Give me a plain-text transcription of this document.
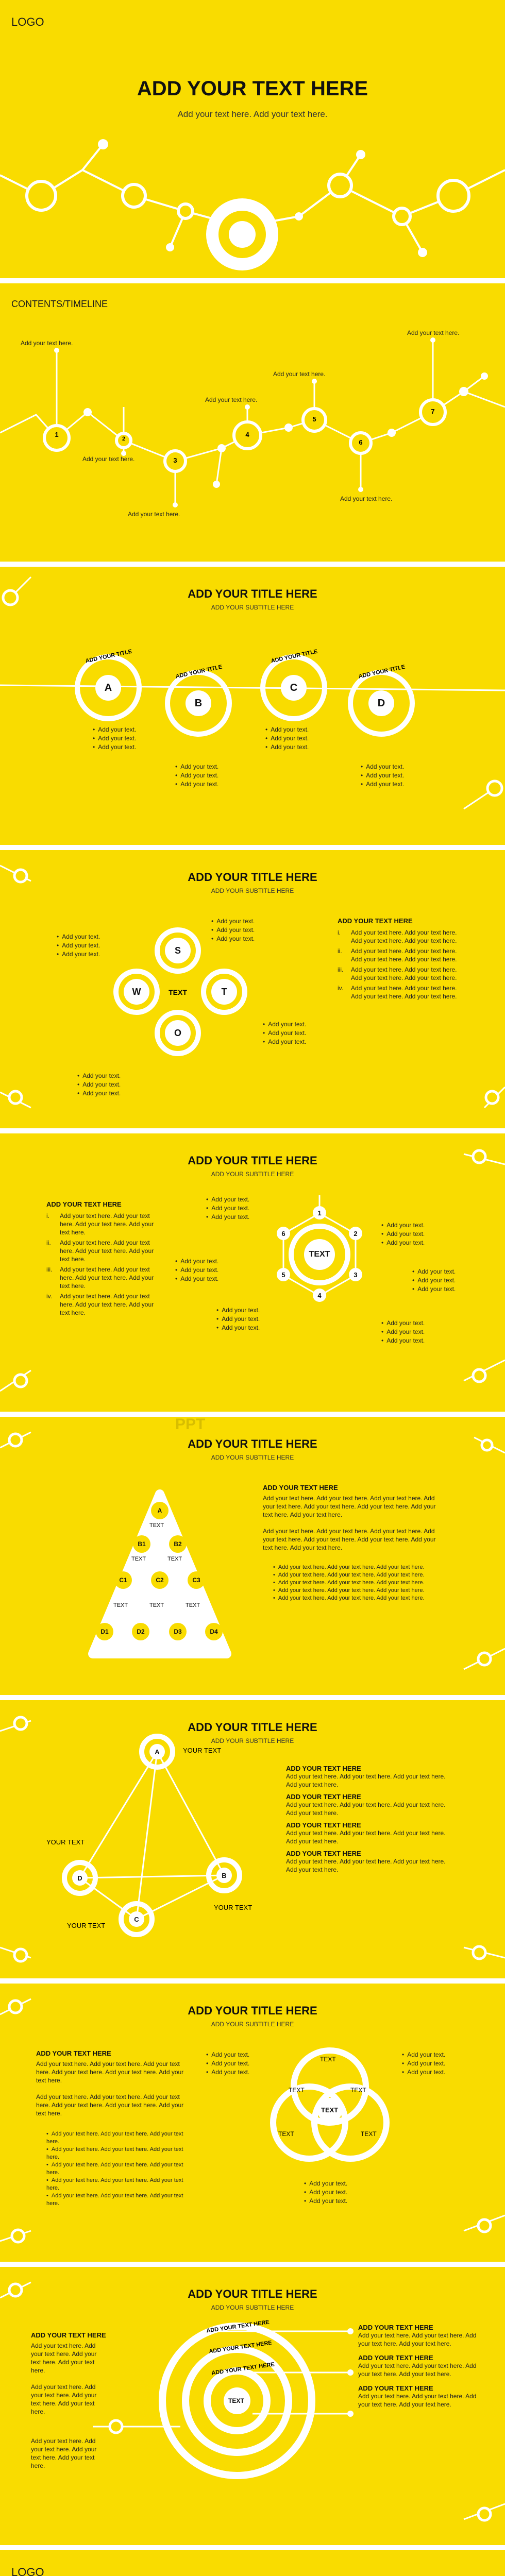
LOGO
ADD YOUR TEXT HERE
Add your text here. Add your text here.
CONTENTS/TIMELINE
1
2
3
4
5
6
7
Add your text here.
Add your text here.
Add your text here.
Add your text here.
Add your text here.
Add your text here.
Add your text here.
ADD YOUR TITLE HERE
ADD YOUR SUBTITLE HERE
A
B
C
D
ADD YOUR TITLE
ADD YOUR TITLE
ADD YOUR TITLE
ADD YOUR TITLE
• Add your text.
• Add your text.
• Add your text.
• Add your text.
• Add your text.
• Add your text.
• Add your text.
• Add your text.
• Add your text.
• Add your text.
• Add your text.
• Add your text.
ADD YOUR TITLE HERE
ADD YOUR SUBTITLE HERE
S
W	T
O
TEXT
• Add your text.
• Add your text.
• Add your text.
• Add your text.
• Add your text.
• Add your text.
• Add your text.
• Add your text.
• Add your text.
• Add your text.
• Add your text.
• Add your text.
ADD YOUR TEXT HERE
i.	Add your text here. Add your text here. Add your text here. Add your text here.
ii.	Add your text here. Add your text here. Add your text here. Add your text here.
iii.	Add your text here. Add your text here. Add your text here. Add your text here.
iv.	Add your text here. Add your text here. Add your text here. Add your text here.
ADD YOUR TITLE HERE
ADD YOUR SUBTITLE HERE
ADD YOUR TEXT HERE
i.	Add your text here. Add your text here. Add your text here. Add your text here.
ii.	Add your text here. Add your text here. Add your text here. Add your text here.
iii.	Add your text here. Add your text here. Add your text here. Add your text here.
iv.	Add your text here. Add your text here. Add your text here. Add your text here.
TEXT
1
2
3
4
5
6
• Add your text.
• Add your text.
• Add your text.
• Add your text.
• Add your text.
• Add your text.
• Add your text.
• Add your text.
• Add your text.
• Add your text.
• Add your text.
• Add your text.
• Add your text.
• Add your text.
• Add your text.
• Add your text.
• Add your text.
• Add your text.
ADD YOUR TITLE HERE
ADD YOUR SUBTITLE HERE
PPT
A
B1	B2
C1	C2	C3
D1	D2	D3	D4
TEXT
TEXT	TEXT
TEXT	TEXT	TEXT
ADD YOUR TEXT HERE
Add your text here. Add your text here. Add your text here. Add your text here. Add your text here. Add your text here. Add your text here. Add your text here.
Add your text here. Add your text here. Add your text here. Add your text here. Add your text here. Add your text here. Add your text here. Add your text here.
• Add your text here. Add your text here. Add your text here.
• Add your text here. Add your text here. Add your text here.
• Add your text here. Add your text here. Add your text here.
• Add your text here. Add your text here. Add your text here.
• Add your text here. Add your text here. Add your text here.
ADD YOUR TITLE HERE
ADD YOUR SUBTITLE HERE
A
B
C
D
YOUR TEXT
YOUR TEXT
YOUR TEXT
YOUR TEXT
ADD YOUR TEXT HERE
Add your text here. Add your text here. Add your text here. Add your text here.
ADD YOUR TEXT HERE
Add your text here. Add your text here. Add your text here. Add your text here.
ADD YOUR TEXT HERE
Add your text here. Add your text here. Add your text here. Add your text here.
ADD YOUR TEXT HERE
Add your text here. Add your text here. Add your text here. Add your text here.
ADD YOUR TITLE HERE
ADD YOUR SUBTITLE HERE
ADD YOUR TEXT HERE
Add your text here. Add your text here. Add your text here. Add your text here. Add your text here. Add your text here.
Add your text here. Add your text here. Add your text here. Add your text here. Add your text here. Add your text here.
• Add your text here. Add your text here. Add your text here.
• Add your text here. Add your text here. Add your text here.
• Add your text here. Add your text here. Add your text here.
• Add your text here. Add your text here. Add your text here.
• Add your text here. Add your text here. Add your text here.
TEXT
TEXT	TEXT
TEXT
TEXT	TEXT
• Add your text.
• Add your text.
• Add your text.
• Add your text.
• Add your text.
• Add your text.
• Add your text.
• Add your text.
• Add your text.
ADD YOUR TITLE HERE
ADD YOUR SUBTITLE HERE
ADD YOUR TEXT HERE
ADD YOUR TEXT HERE
ADD YOUR TEXT HERE
TEXT
ADD YOUR TEXT HERE
Add your text here. Add your text here. Add your text here. Add your text here.
Add your text here. Add your text here. Add your text here. Add your text here.
Add your text here. Add your text here. Add your text here. Add your text here.
ADD YOUR TEXT HERE
Add your text here. Add your text here. Add your text here. Add your text here.
ADD YOUR TEXT HERE
Add your text here. Add your text here. Add your text here. Add your text here.
ADD YOUR TEXT HERE
Add your text here. Add your text here. Add your text here. Add your text here.
LOGO
